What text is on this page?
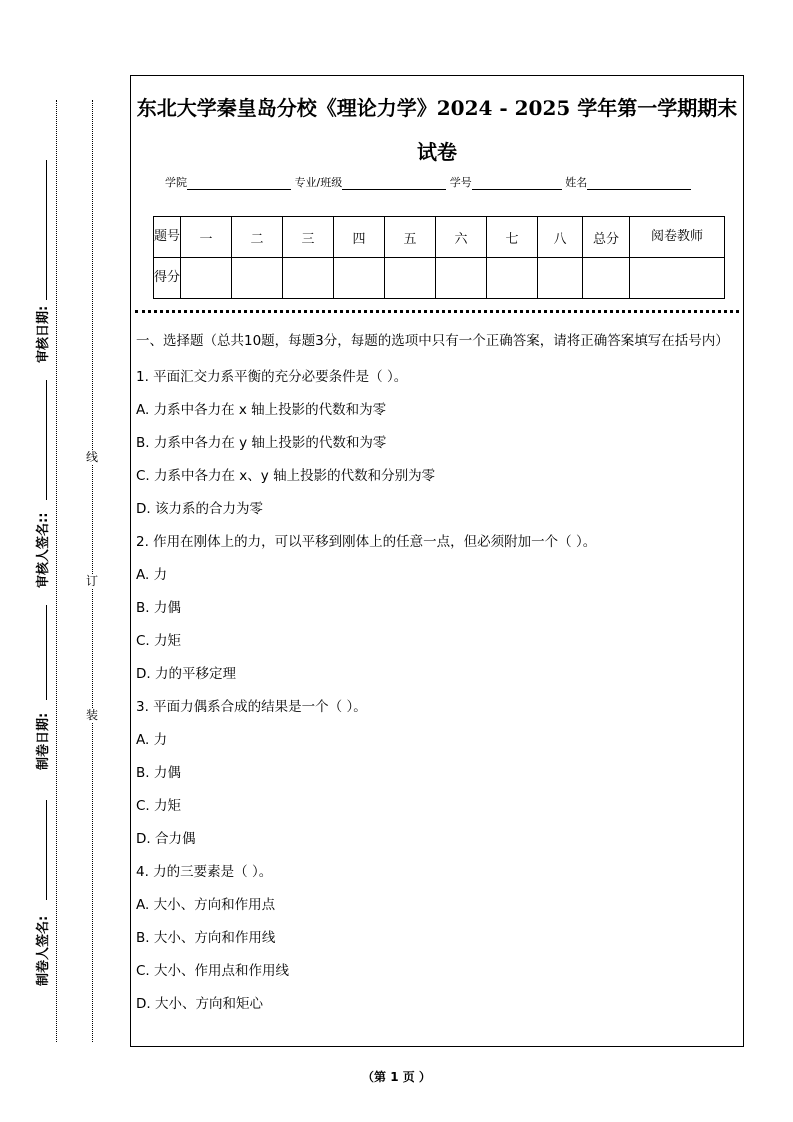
审核日期:
审核人签名::
制卷日期:
制卷人签名:
线
订
装
东北大学秦皇岛分校《理论力学》2024 - 2025 学年第一学期期末
试卷
学院	专业/班级	学号	姓名
题号	一	二	三	四	五	六	七	八	总分	阅卷教师
得分										
一、选择题（总共10题，每题3分，每题的选项中只有一个正确答案，请将正确答案填写在括号内）
1. 平面汇交力系平衡的充分必要条件是（ ）。
A. 力系中各力在 x 轴上投影的代数和为零
B. 力系中各力在 y 轴上投影的代数和为零
C. 力系中各力在 x、y 轴上投影的代数和分别为零
D. 该力系的合力为零
2. 作用在刚体上的力，可以平移到刚体上的任意一点，但必须附加一个（ ）。
A. 力
B. 力偶
C. 力矩
D. 力的平移定理
3. 平面力偶系合成的结果是一个（ ）。
A. 力
B. 力偶
C. 力矩
D. 合力偶
4. 力的三要素是（ ）。
A. 大小、方向和作用点
B. 大小、方向和作用线
C. 大小、作用点和作用线
D. 大小、方向和矩心
（第 1 页 ）
